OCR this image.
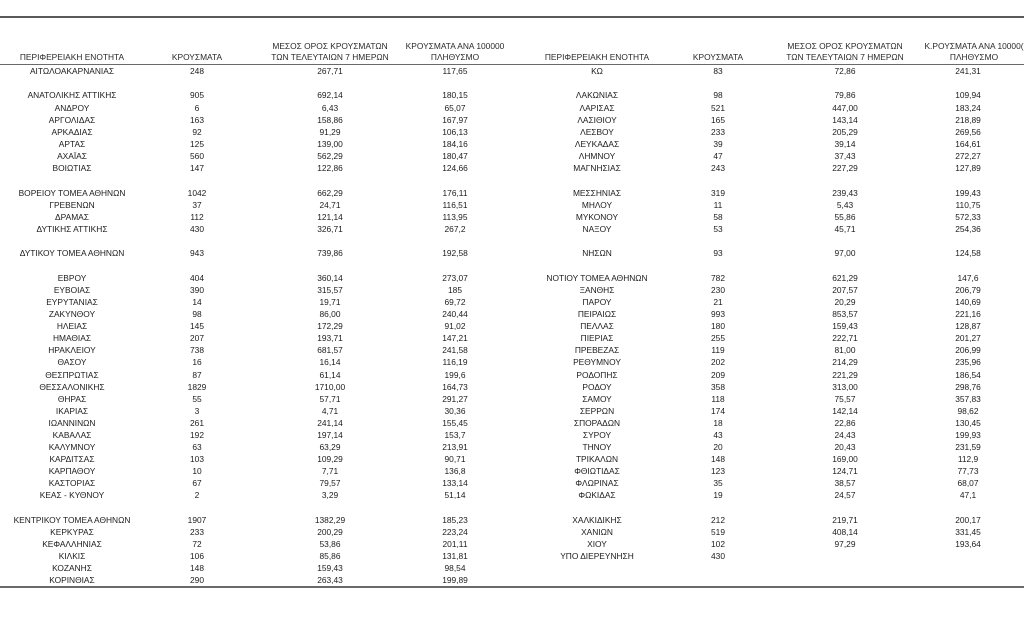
ΠΕΡΙΦΕΡΕΙΑΚΗ ΕΝΟΤΗΤΑ	ΚΡΟΥΣΜΑΤΑ
ΜΕΣΟΣ ΟΡΟΣ ΚΡΟΥΣΜΑΤΩΝ
ΤΩΝ ΤΕΛΕΥΤΑΙΩΝ 7 ΗΜΕΡΩΝ
ΚΡΟΥΣΜΑΤΑ ΑΝΑ 100000
ΠΛΗΘΥΣΜΟ
ΑΙΤΩΛΟΑΚΑΡΝΑΝΙΑΣ	248	267,71	117,65
ΑΝΑΤΟΛΙΚΗΣ ΑΤΤΙΚΗΣ	905	692,14	180,15
ΑΝΔΡΟΥ	6	6,43	65,07
ΑΡΓΟΛΙΔΑΣ	163	158,86	167,97
ΑΡΚΑΔΙΑΣ	92	91,29	106,13
ΑΡΤΑΣ	125	139,00	184,16
ΑΧΑΪΑΣ	560	562,29	180,47
ΒΟΙΩΤΙΑΣ	147	122,86	124,66
ΒΟΡΕΙΟΥ ΤΟΜΕΑ ΑΘΗΝΩΝ	1042	662,29	176,11
ΓΡΕΒΕΝΩΝ	37	24,71	116,51
ΔΡΑΜΑΣ	112	121,14	113,95
ΔΥΤΙΚΗΣ ΑΤΤΙΚΗΣ	430	326,71	267,2
ΔΥΤΙΚΟΥ ΤΟΜΕΑ ΑΘΗΝΩΝ	943	739,86	192,58
ΕΒΡΟΥ	404	360,14	273,07
ΕΥΒΟΙΑΣ	390	315,57	185
ΕΥΡΥΤΑΝΙΑΣ	14	19,71	69,72
ΖΑΚΥΝΘΟΥ	98	86,00	240,44
ΗΛΕΙΑΣ	145	172,29	91,02
ΗΜΑΘΙΑΣ	207	193,71	147,21
ΗΡΑΚΛΕΙΟΥ	738	681,57	241,58
ΘΑΣΟΥ	16	16,14	116,19
ΘΕΣΠΡΩΤΙΑΣ	87	61,14	199,6
ΘΕΣΣΑΛΟΝΙΚΗΣ	1829	1710,00	164,73
ΘΗΡΑΣ	55	57,71	291,27
ΙΚΑΡΙΑΣ	3	4,71	30,36
ΙΩΑΝΝΙΝΩΝ	261	241,14	155,45
ΚΑΒΑΛΑΣ	192	197,14	153,7
ΚΑΛΥΜΝΟΥ	63	63,29	213,91
ΚΑΡΔΙΤΣΑΣ	103	109,29	90,71
ΚΑΡΠΑΘΟΥ	10	7,71	136,8
ΚΑΣΤΟΡΙΑΣ	67	79,57	133,14
ΚΕΑΣ - ΚΥΘΝΟΥ	2	3,29	51,14
ΚΕΝΤΡΙΚΟΥ ΤΟΜΕΑ ΑΘΗΝΩΝ	1907	1382,29	185,23
ΚΕΡΚΥΡΑΣ	233	200,29	223,24
ΚΕΦΑΛΛΗΝΙΑΣ	72	53,86	201,11
ΚΙΛΚΙΣ	106	85,86	131,81
ΚΟΖΑΝΗΣ	148	159,43	98,54
ΚΟΡΙΝΘΙΑΣ	290	263,43	199,89
ΠΕΡΙΦΕΡΕΙΑΚΗ ΕΝΟΤΗΤΑ	ΚΡΟΥΣΜΑΤΑ
ΜΕΣΟΣ ΟΡΟΣ ΚΡΟΥΣΜΑΤΩΝ
ΤΩΝ ΤΕΛΕΥΤΑΙΩΝ 7 ΗΜΕΡΩΝ
Κ.ΡΟΥΣΜΑΤΑ ΑΝΑ 10000(
ΠΛΗΘΥΣΜΟ
ΚΩ	83	72,86	241,31
ΛΑΚΩΝΙΑΣ	98	79,86	109,94
ΛΑΡΙΣΑΣ	521	447,00	183,24
ΛΑΣΙΘΙΟΥ	165	143,14	218,89
ΛΕΣΒΟΥ	233	205,29	269,56
ΛΕΥΚΑΔΑΣ	39	39,14	164,61
ΛΗΜΝΟΥ	47	37,43	272,27
ΜΑΓΝΗΣΙΑΣ	243	227,29	127,89
ΜΕΣΣΗΝΙΑΣ	319	239,43	199,43
ΜΗΛΟΥ	11	5,43	110,75
ΜΥΚΟΝΟΥ	58	55,86	572,33
ΝΑΞΟΥ	53	45,71	254,36
ΝΗΣΩΝ	93	97,00	124,58
ΝΟΤΙΟΥ ΤΟΜΕΑ ΑΘΗΝΩΝ	782	621,29	147,6
ΞΑΝΘΗΣ	230	207,57	206,79
ΠΑΡΟΥ	21	20,29	140,69
ΠΕΙΡΑΙΩΣ	993	853,57	221,16
ΠΕΛΛΑΣ	180	159,43	128,87
ΠΙΕΡΙΑΣ	255	222,71	201,27
ΠΡΕΒΕΖΑΣ	119	81,00	206,99
ΡΕΘΥΜΝΟΥ	202	214,29	235,96
ΡΟΔΟΠΗΣ	209	221,29	186,54
ΡΟΔΟΥ	358	313,00	298,76
ΣΑΜΟΥ	118	75,57	357,83
ΣΕΡΡΩΝ	174	142,14	98,62
ΣΠΟΡΑΔΩΝ	18	22,86	130,45
ΣΥΡΟΥ	43	24,43	199,93
ΤΗΝΟΥ	20	20,43	231,59
ΤΡΙΚΑΛΩΝ	148	169,00	112,9
ΦΘΙΩΤΙΔΑΣ	123	124,71	77,73
ΦΛΩΡΙΝΑΣ	35	38,57	68,07
ΦΩΚΙΔΑΣ	19	24,57	47,1
ΧΑΛΚΙΔΙΚΗΣ	212	219,71	200,17
ΧΑΝΙΩΝ	519	408,14	331,45
ΧΙΟΥ	102	97,29	193,64
ΥΠΟ ΔΙΕΡΕΥΝΗΣΗ	430
